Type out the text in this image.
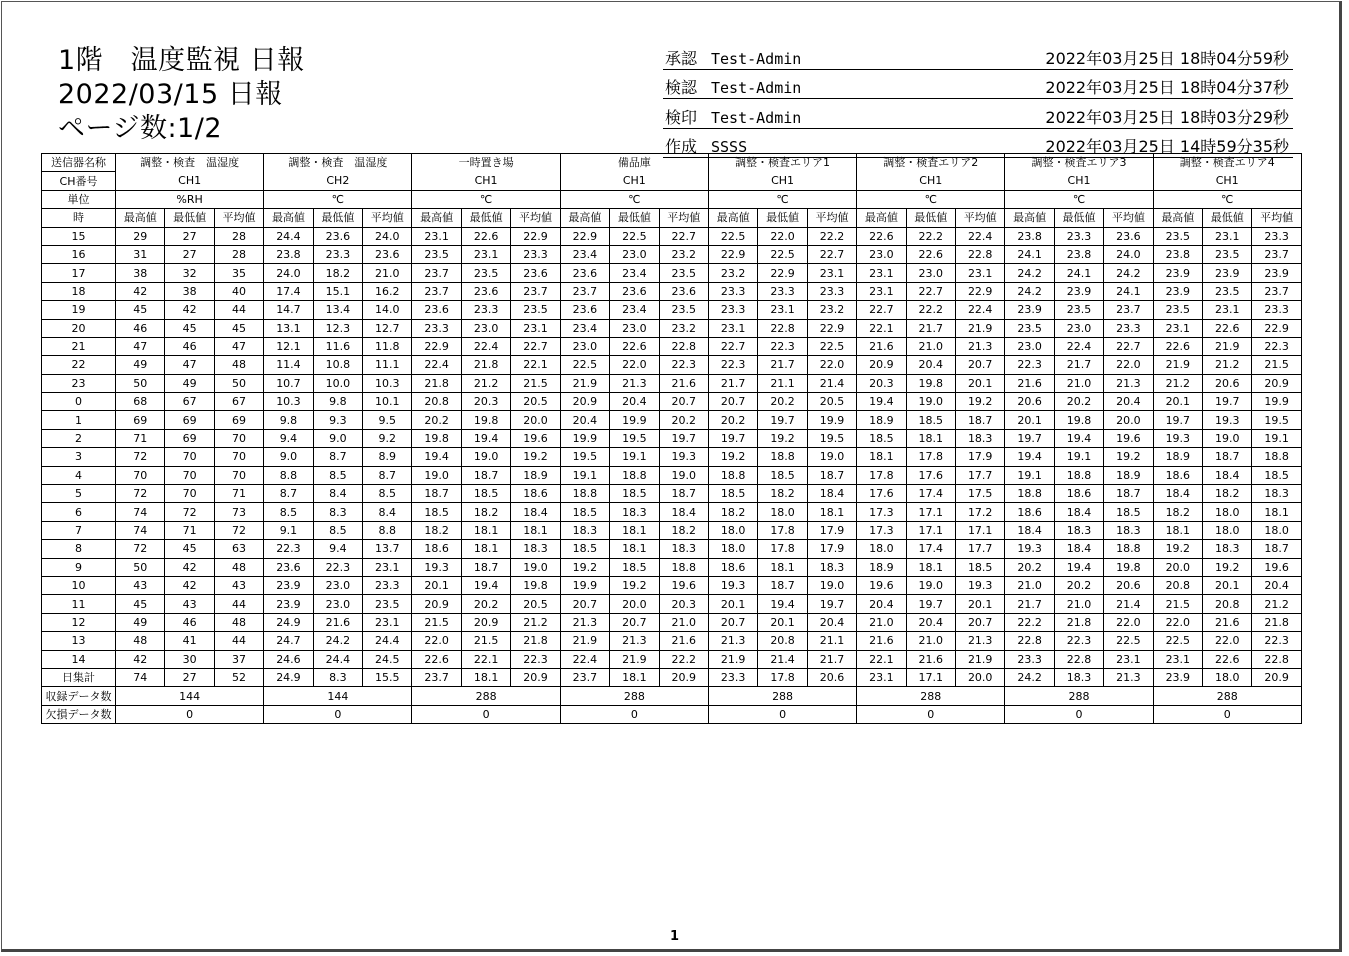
1階　温度監視 日報
2022/03/15 日報
ページ数:1/2
承認 Test-Admin	2022年03月25日 18時04分59秒
検認 Test-Admin	2022年03月25日 18時04分37秒
検印 Test-Admin	2022年03月25日 18時03分29秒
作成 SSSS	2022年03月25日 14時59分35秒
送信器名称	調整・検査　温湿度			調整・検査　温湿度			一時置き場			備品庫			調整・検査エリア1			調整・検査エリア2			調整・検査エリア3			調整・検査エリア4		
CH番号	CH1			CH2			CH1			CH1			CH1			CH1			CH1			CH1		
単位	%RH			℃			℃			℃			℃			℃			℃			℃		
時	最高値	最低値	平均値	最高値	最低値	平均値	最高値	最低値	平均値	最高値	最低値	平均値	最高値	最低値	平均値	最高値	最低値	平均値	最高値	最低値	平均値	最高値	最低値	平均値
15	29	27	28	24.4	23.6	24.0	23.1	22.6	22.9	22.9	22.5	22.7	22.5	22.0	22.2	22.6	22.2	22.4	23.8	23.3	23.6	23.5	23.1	23.3
16	31	27	28	23.8	23.3	23.6	23.5	23.1	23.3	23.4	23.0	23.2	22.9	22.5	22.7	23.0	22.6	22.8	24.1	23.8	24.0	23.8	23.5	23.7
17	38	32	35	24.0	18.2	21.0	23.7	23.5	23.6	23.6	23.4	23.5	23.2	22.9	23.1	23.1	23.0	23.1	24.2	24.1	24.2	23.9	23.9	23.9
18	42	38	40	17.4	15.1	16.2	23.7	23.6	23.7	23.7	23.6	23.6	23.3	23.3	23.3	23.1	22.7	22.9	24.2	23.9	24.1	23.9	23.5	23.7
19	45	42	44	14.7	13.4	14.0	23.6	23.3	23.5	23.6	23.4	23.5	23.3	23.1	23.2	22.7	22.2	22.4	23.9	23.5	23.7	23.5	23.1	23.3
20	46	45	45	13.1	12.3	12.7	23.3	23.0	23.1	23.4	23.0	23.2	23.1	22.8	22.9	22.1	21.7	21.9	23.5	23.0	23.3	23.1	22.6	22.9
21	47	46	47	12.1	11.6	11.8	22.9	22.4	22.7	23.0	22.6	22.8	22.7	22.3	22.5	21.6	21.0	21.3	23.0	22.4	22.7	22.6	21.9	22.3
22	49	47	48	11.4	10.8	11.1	22.4	21.8	22.1	22.5	22.0	22.3	22.3	21.7	22.0	20.9	20.4	20.7	22.3	21.7	22.0	21.9	21.2	21.5
23	50	49	50	10.7	10.0	10.3	21.8	21.2	21.5	21.9	21.3	21.6	21.7	21.1	21.4	20.3	19.8	20.1	21.6	21.0	21.3	21.2	20.6	20.9
0	68	67	67	10.3	9.8	10.1	20.8	20.3	20.5	20.9	20.4	20.7	20.7	20.2	20.5	19.4	19.0	19.2	20.6	20.2	20.4	20.1	19.7	19.9
1	69	69	69	9.8	9.3	9.5	20.2	19.8	20.0	20.4	19.9	20.2	20.2	19.7	19.9	18.9	18.5	18.7	20.1	19.8	20.0	19.7	19.3	19.5
2	71	69	70	9.4	9.0	9.2	19.8	19.4	19.6	19.9	19.5	19.7	19.7	19.2	19.5	18.5	18.1	18.3	19.7	19.4	19.6	19.3	19.0	19.1
3	72	70	70	9.0	8.7	8.9	19.4	19.0	19.2	19.5	19.1	19.3	19.2	18.8	19.0	18.1	17.8	17.9	19.4	19.1	19.2	18.9	18.7	18.8
4	70	70	70	8.8	8.5	8.7	19.0	18.7	18.9	19.1	18.8	19.0	18.8	18.5	18.7	17.8	17.6	17.7	19.1	18.8	18.9	18.6	18.4	18.5
5	72	70	71	8.7	8.4	8.5	18.7	18.5	18.6	18.8	18.5	18.7	18.5	18.2	18.4	17.6	17.4	17.5	18.8	18.6	18.7	18.4	18.2	18.3
6	74	72	73	8.5	8.3	8.4	18.5	18.2	18.4	18.5	18.3	18.4	18.2	18.0	18.1	17.3	17.1	17.2	18.6	18.4	18.5	18.2	18.0	18.1
7	74	71	72	9.1	8.5	8.8	18.2	18.1	18.1	18.3	18.1	18.2	18.0	17.8	17.9	17.3	17.1	17.1	18.4	18.3	18.3	18.1	18.0	18.0
8	72	45	63	22.3	9.4	13.7	18.6	18.1	18.3	18.5	18.1	18.3	18.0	17.8	17.9	18.0	17.4	17.7	19.3	18.4	18.8	19.2	18.3	18.7
9	50	42	48	23.6	22.3	23.1	19.3	18.7	19.0	19.2	18.5	18.8	18.6	18.1	18.3	18.9	18.1	18.5	20.2	19.4	19.8	20.0	19.2	19.6
10	43	42	43	23.9	23.0	23.3	20.1	19.4	19.8	19.9	19.2	19.6	19.3	18.7	19.0	19.6	19.0	19.3	21.0	20.2	20.6	20.8	20.1	20.4
11	45	43	44	23.9	23.0	23.5	20.9	20.2	20.5	20.7	20.0	20.3	20.1	19.4	19.7	20.4	19.7	20.1	21.7	21.0	21.4	21.5	20.8	21.2
12	49	46	48	24.9	21.6	23.1	21.5	20.9	21.2	21.3	20.7	21.0	20.7	20.1	20.4	21.0	20.4	20.7	22.2	21.8	22.0	22.0	21.6	21.8
13	48	41	44	24.7	24.2	24.4	22.0	21.5	21.8	21.9	21.3	21.6	21.3	20.8	21.1	21.6	21.0	21.3	22.8	22.3	22.5	22.5	22.0	22.3
14	42	30	37	24.6	24.4	24.5	22.6	22.1	22.3	22.4	21.9	22.2	21.9	21.4	21.7	22.1	21.6	21.9	23.3	22.8	23.1	23.1	22.6	22.8
日集計	74	27	52	24.9	8.3	15.5	23.7	18.1	20.9	23.7	18.1	20.9	23.3	17.8	20.6	23.1	17.1	20.0	24.2	18.3	21.3	23.9	18.0	20.9
収録データ数	144			144			288			288			288			288			288			288		
欠損データ数	0			0			0			0			0			0			0			0		
1
